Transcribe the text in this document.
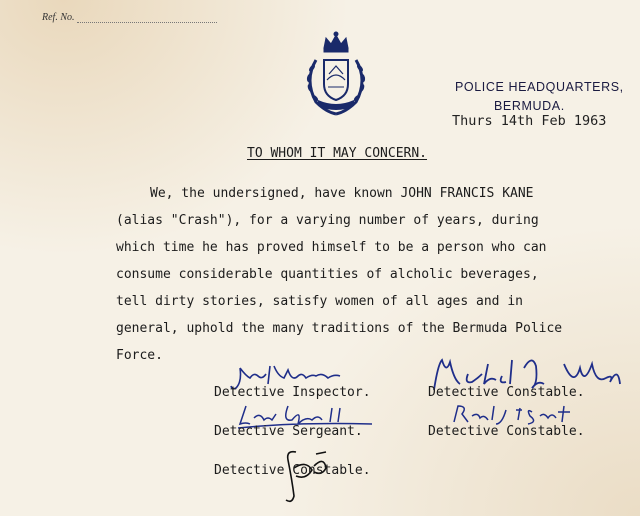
Ref. No.
POLICE HEADQUARTERS,
BERMUDA.
Thurs 14th Feb 1963
TO WHOM IT MAY CONCERN.
We, the undersigned, have known JOHN FRANCIS KANE
(alias "Crash"), for a varying number of years, during
which time he has proved himself to be a person who can
consume considerable quantities of alcholic beverages,
tell dirty stories, satisfy women of all ages and in
general, uphold the many traditions of the Bermuda Police
Force.
Detective Inspector.	Detective Constable.
Detective Sergeant.	Detective Constable.
Detective Constable.
